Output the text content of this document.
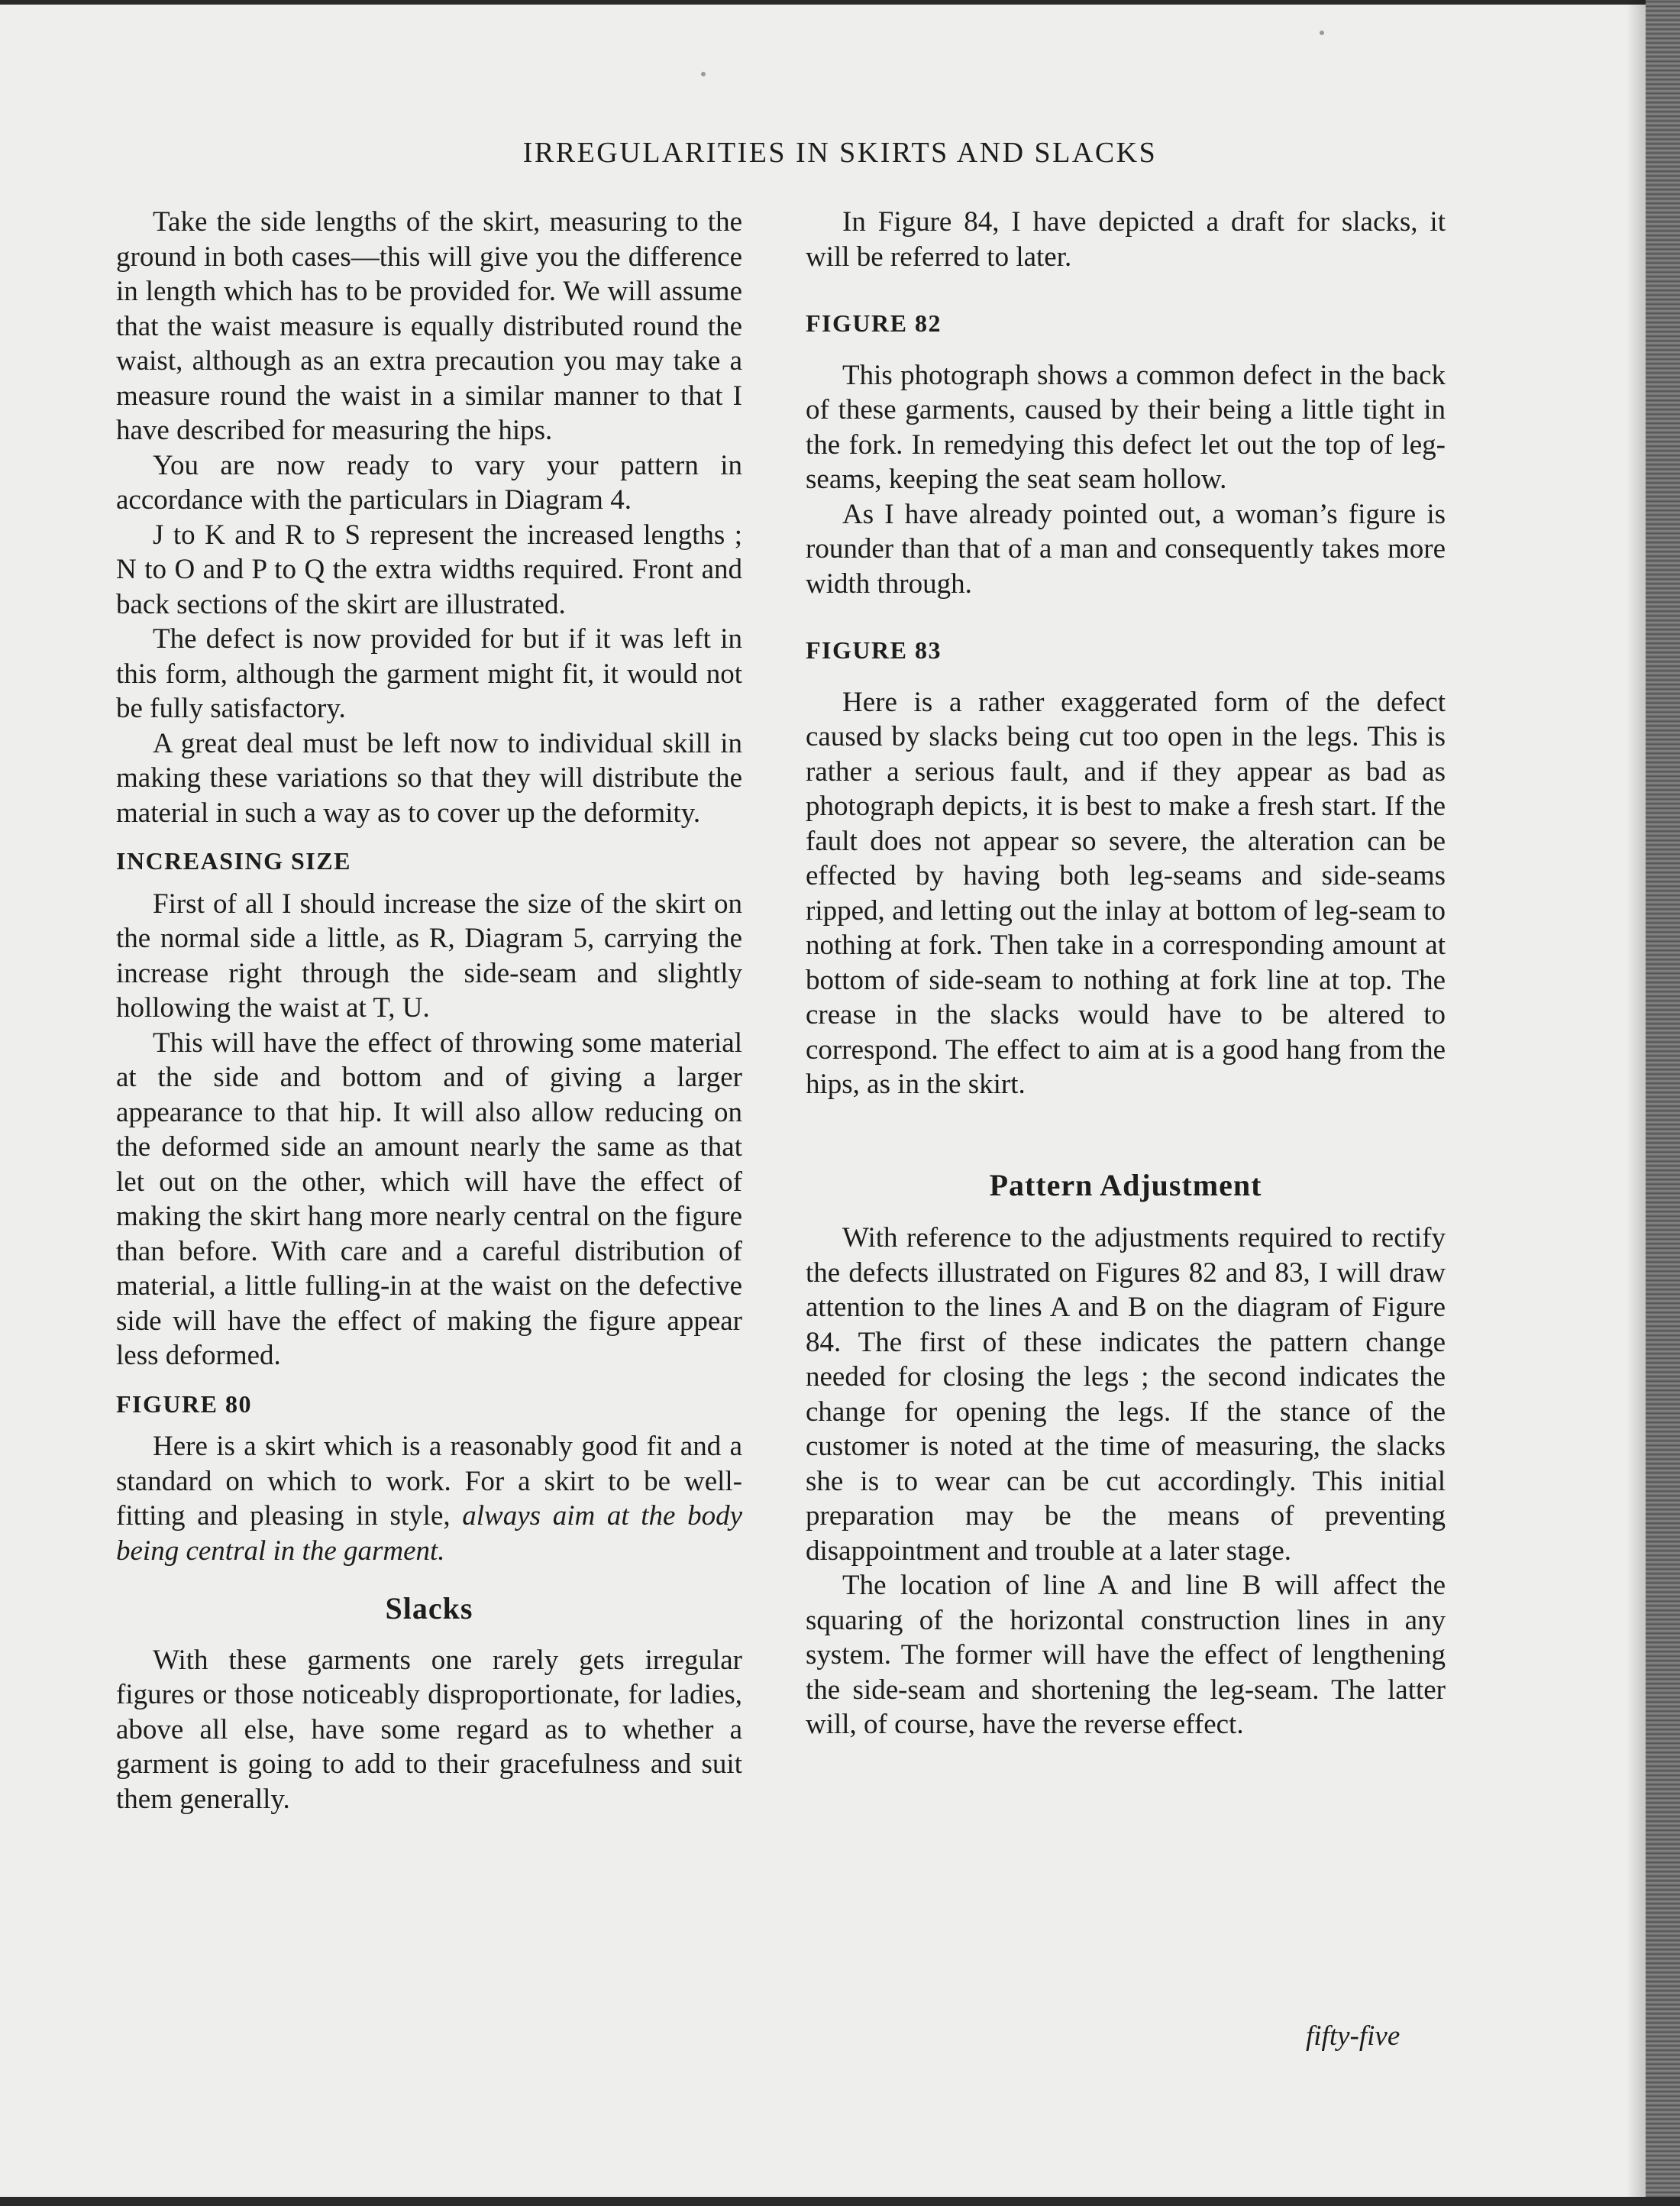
IRREGULARITIES IN SKIRTS AND SLACKS

Take the side lengths of the skirt, measuring to the ground in both cases—this will give you the difference in length which has to be provided for. We will assume that the waist measure is equally distributed round the waist, although as an extra precaution you may take a measure round the waist in a similar manner to that I have described for measuring the hips.

You are now ready to vary your pattern in accordance with the particulars in Diagram 4.

J to K and R to S represent the increased lengths ; N to O and P to Q the extra widths required. Front and back sections of the skirt are illustrated.

The defect is now provided for but if it was left in this form, although the garment might fit, it would not be fully satisfactory.

A great deal must be left now to individual skill in making these variations so that they will distribute the material in such a way as to cover up the deformity.

INCREASING SIZE

First of all I should increase the size of the skirt on the normal side a little, as R, Diagram 5, carrying the increase right through the side-seam and slightly hollowing the waist at T, U.

This will have the effect of throwing some material at the side and bottom and of giving a larger appearance to that hip. It will also allow reducing on the deformed side an amount nearly the same as that let out on the other, which will have the effect of making the skirt hang more nearly central on the figure than before. With care and a careful distribution of material, a little fulling-in at the waist on the defective side will have the effect of making the figure appear less deformed.

FIGURE 80

Here is a skirt which is a reasonably good fit and a standard on which to work. For a skirt to be well-fitting and pleasing in style, always aim at the body being central in the garment.

Slacks

With these garments one rarely gets irregular figures or those noticeably disproportionate, for ladies, above all else, have some regard as to whether a garment is going to add to their gracefulness and suit them generally.

In Figure 84, I have depicted a draft for slacks, it will be referred to later.

FIGURE 82

This photograph shows a common defect in the back of these garments, caused by their being a little tight in the fork. In remedying this defect let out the top of leg-seams, keeping the seat seam hollow.

As I have already pointed out, a woman’s figure is rounder than that of a man and consequently takes more width through.

FIGURE 83

Here is a rather exaggerated form of the defect caused by slacks being cut too open in the legs. This is rather a serious fault, and if they appear as bad as photograph depicts, it is best to make a fresh start. If the fault does not appear so severe, the alteration can be effected by having both leg-seams and side-seams ripped, and letting out the inlay at bottom of leg-seam to nothing at fork. Then take in a corresponding amount at bottom of side-seam to nothing at fork line at top. The crease in the slacks would have to be altered to correspond. The effect to aim at is a good hang from the hips, as in the skirt.

Pattern Adjustment

With reference to the adjustments required to rectify the defects illustrated on Figures 82 and 83, I will draw attention to the lines A and B on the diagram of Figure 84. The first of these indicates the pattern change needed for closing the legs ; the second indicates the change for opening the legs. If the stance of the customer is noted at the time of measuring, the slacks she is to wear can be cut accordingly. This initial preparation may be the means of preventing disappointment and trouble at a later stage.

The location of line A and line B will affect the squaring of the horizontal construction lines in any system. The former will have the effect of lengthening the side-seam and shortening the leg-seam. The latter will, of course, have the reverse effect.

fifty-five
